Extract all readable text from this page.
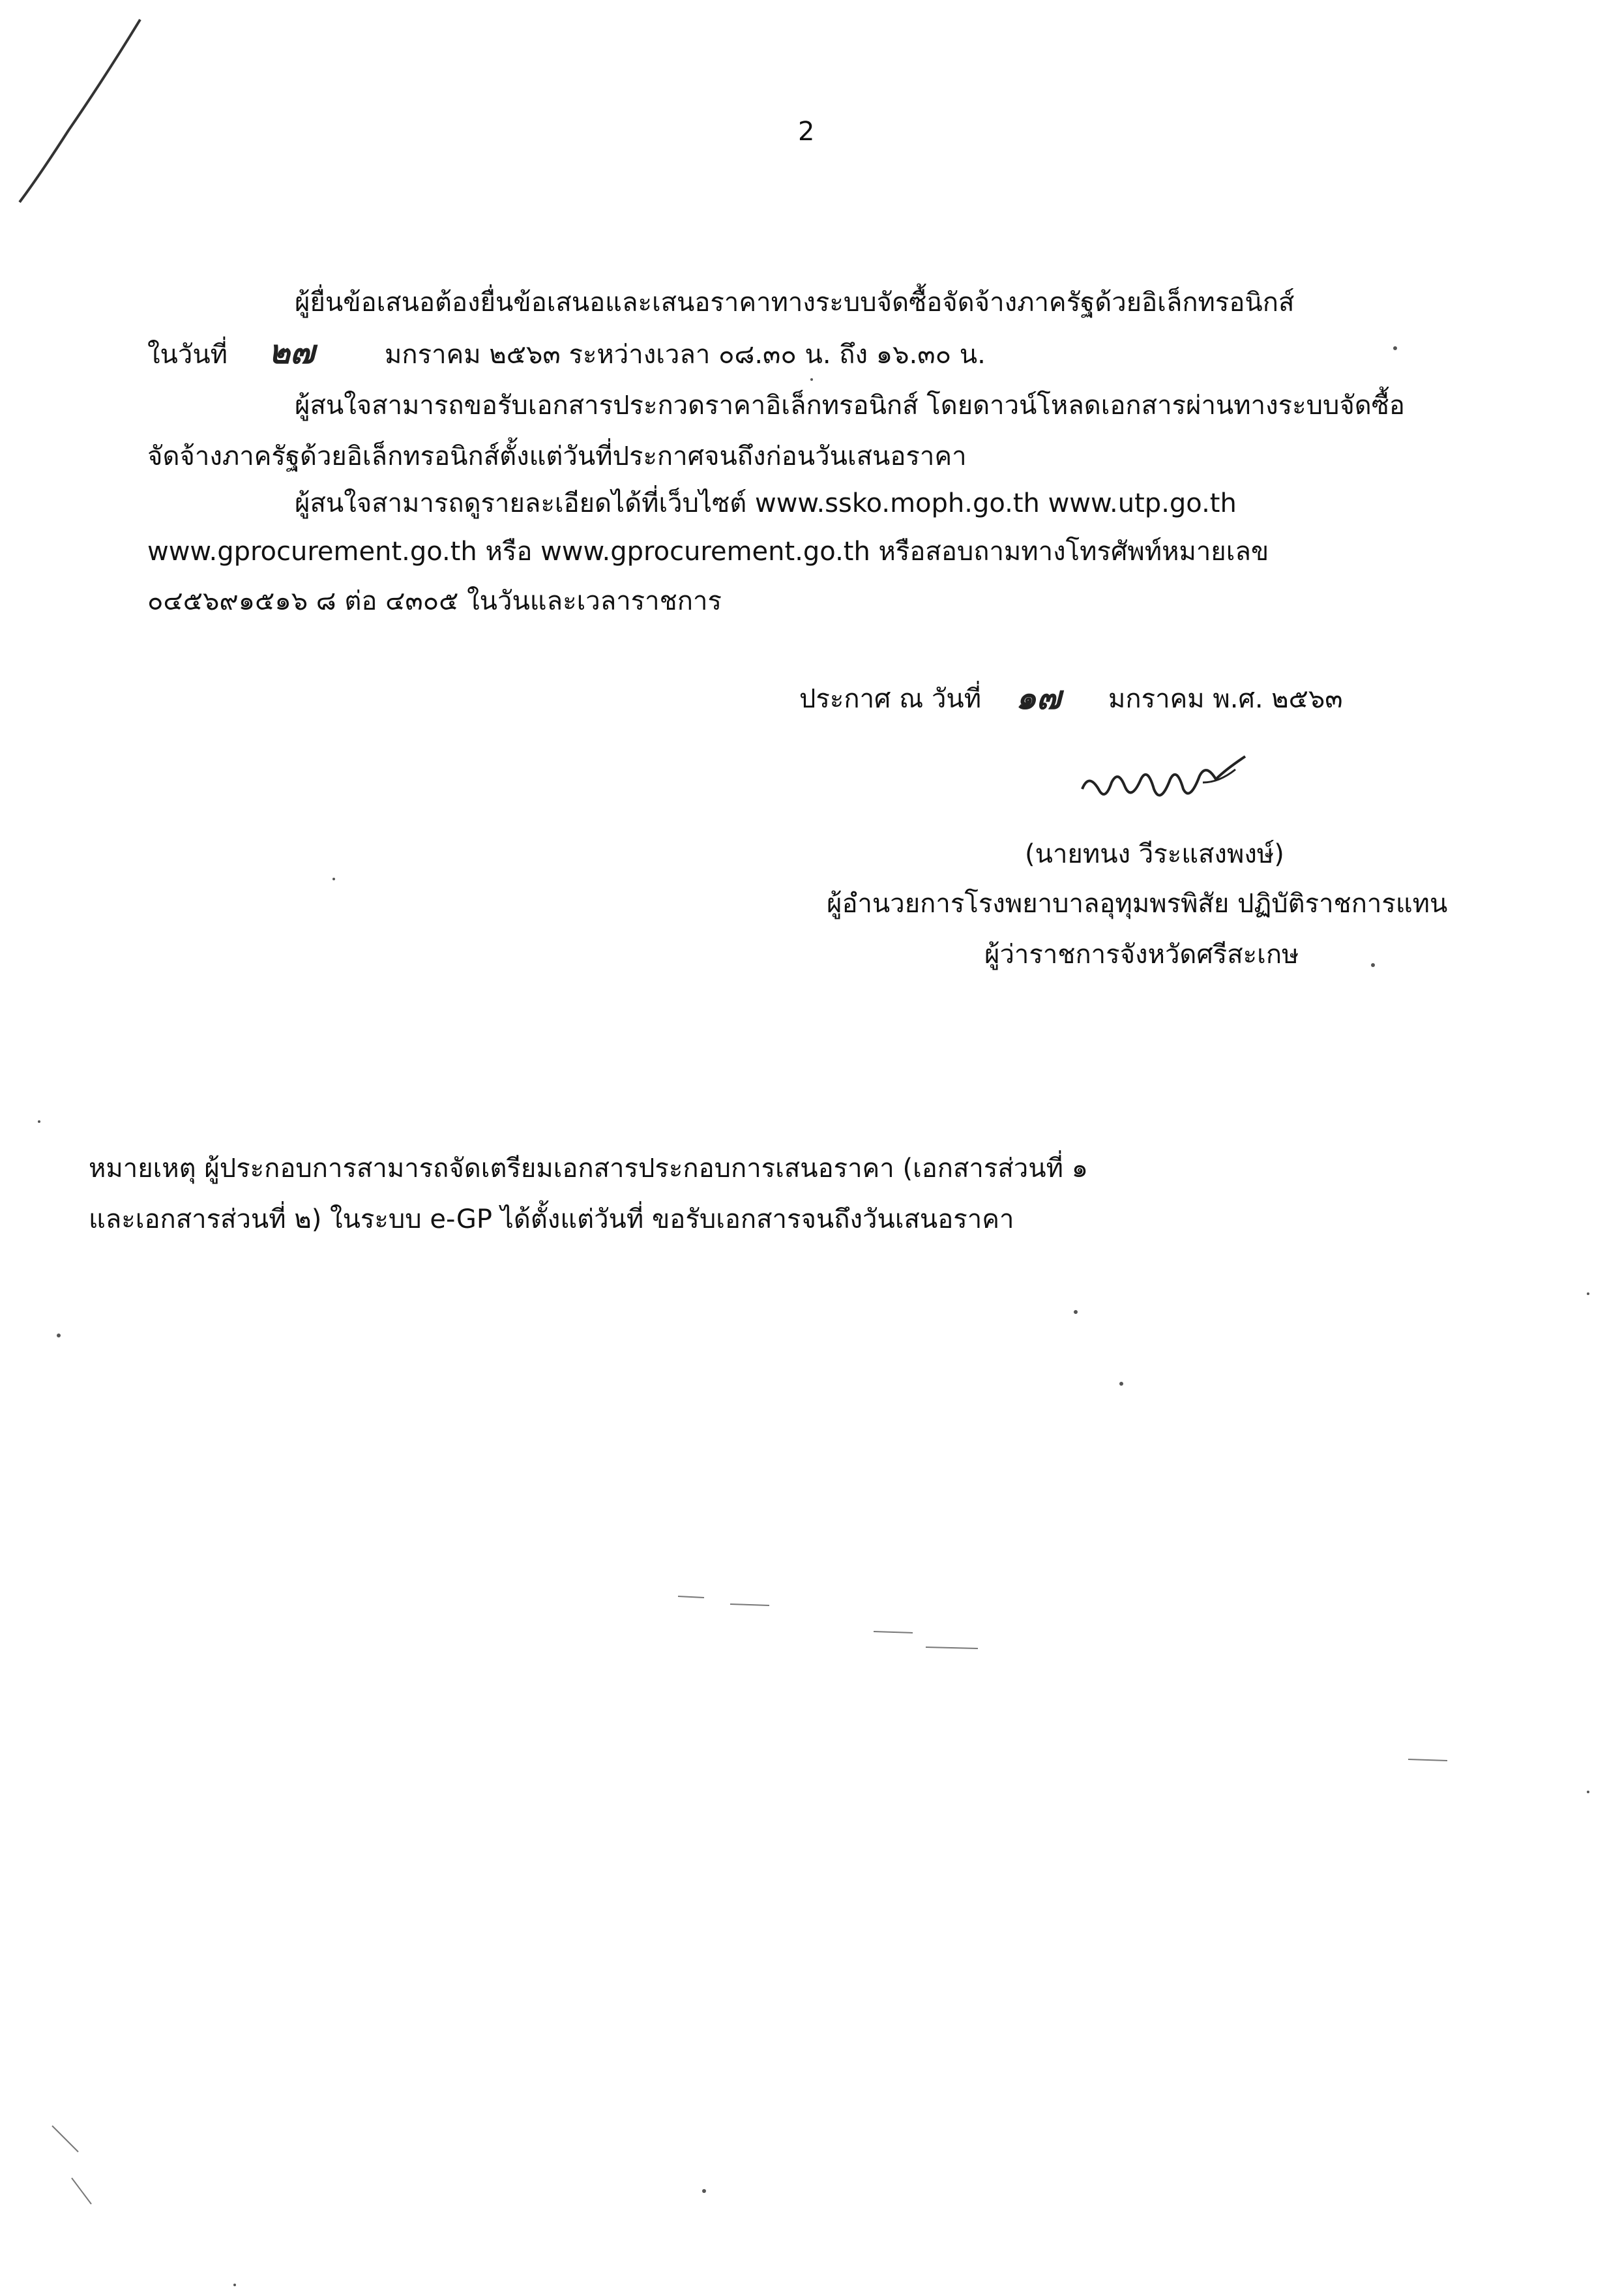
2
ผู้ยื่นข้อเสนอต้องยื่นข้อเสนอและเสนอราคาทางระบบจัดซื้อจัดจ้างภาครัฐด้วยอิเล็กทรอนิกส์
ในวันที่ ๒๗	มกราคม ๒๕๖๓ ระหว่างเวลา ๐๘.๓๐ น. ถึง ๑๖.๓๐ น.
ผู้สนใจสามารถขอรับเอกสารประกวดราคาอิเล็กทรอนิกส์ โดยดาวน์โหลดเอกสารผ่านทางระบบจัดซื้อ
จัดจ้างภาครัฐด้วยอิเล็กทรอนิกส์ตั้งแต่วันที่ประกาศจนถึงก่อนวันเสนอราคา
ผู้สนใจสามารถดูรายละเอียดได้ที่เว็บไซต์ www.ssko.moph.go.th www.utp.go.th
www.gprocurement.go.th หรือ www.gprocurement.go.th หรือสอบถามทางโทรศัพท์หมายเลข
๐๔๕๖๙๑๕๑๖ ๘ ต่อ ๔๓๐๕ ในวันและเวลาราชการ
ประกาศ ณ วันที่ ๑๗ มกราคม พ.ศ. ๒๕๖๓
(นายทนง วีระแสงพงษ์)
ผู้อำนวยการโรงพยาบาลอุทุมพรพิสัย ปฏิบัติราชการแทน
ผู้ว่าราชการจังหวัดศรีสะเกษ
หมายเหตุ ผู้ประกอบการสามารถจัดเตรียมเอกสารประกอบการเสนอราคา (เอกสารส่วนที่ ๑
และเอกสารส่วนที่ ๒) ในระบบ e-GP ได้ตั้งแต่วันที่ ขอรับเอกสารจนถึงวันเสนอราคา
